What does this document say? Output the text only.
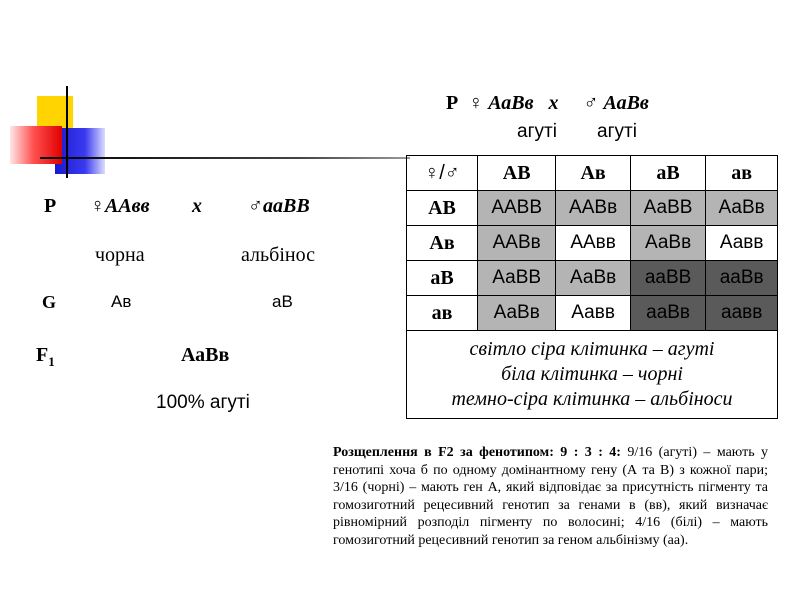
P ♀ АаВв х ♂ АаВв
агуті агуті
P ♀ААвв х ♂ааВВ
чорна	альбінос
G	Ав	аВ
$F_1$	АаВв
100% агуті
♀/♂	АВ	Ав	аВ	ав
АВ	ААВВ	ААВв	АаВВ	АаВв
Ав	ААВв	ААвв	АаВв	Аавв
аВ	АаВВ	АаВв	ааВВ	ааВв
ав	АаВв	Аавв	ааВв	аавв

світло сіра клітинка – агуті
біла клітинка – чорні
темно-сіра клітинка – альбіноси				
Розщеплення в F2 за фенотипом: 9 : 3 : 4: 9/16 (агуті) – мають у генотипі хоча б по одному домінантному гену (А та В) з кожної пари; 3/16 (чорні) – мають ген А, який відповідає за присутність пігменту та гомозиготний рецесивний генотип за генами в (вв), який визначає рівномірний розподіл пігменту по волосині; 4/16 (білі) – мають гомозиготний рецесивний генотип за геном альбінізму (аа).
